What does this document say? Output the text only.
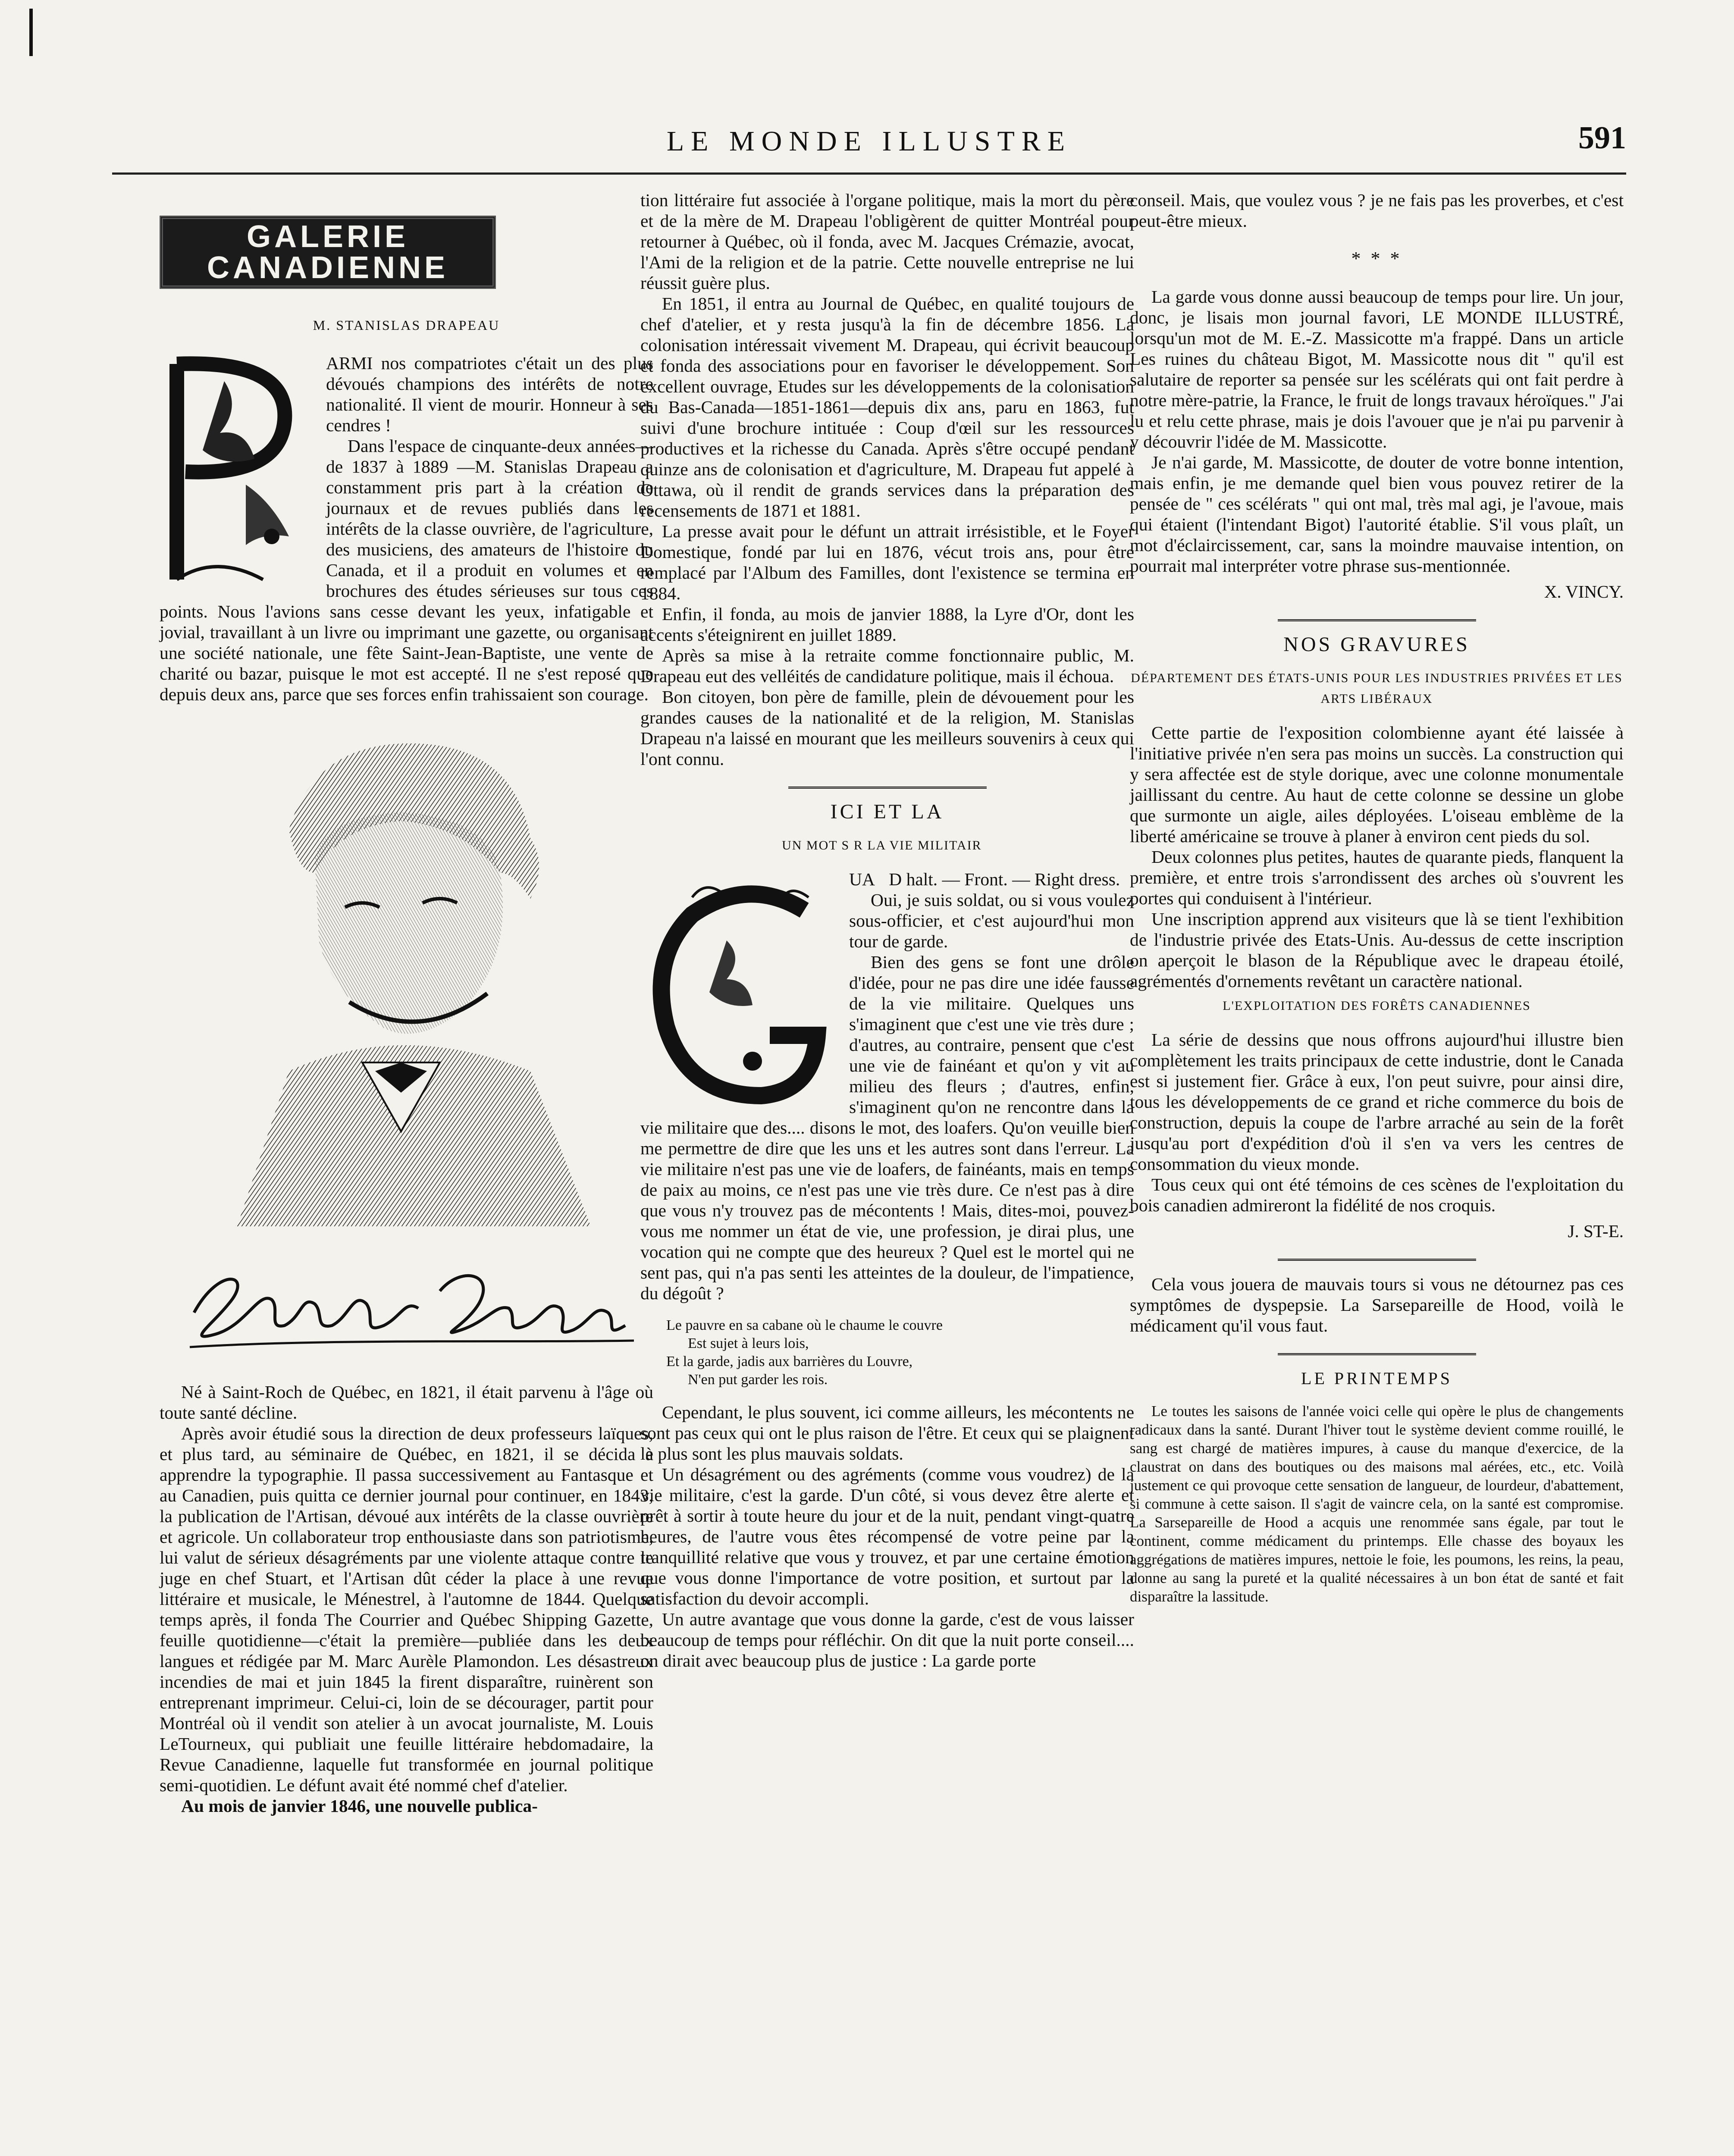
LE MONDE ILLUSTRE	591
GALERIE
CANADIENNE
M. STANISLAS DRAPEAU

ARMI nos compatriotes c'était un des plus dévoués champions des intérêts de notre nationalité. Il vient de mourir. Honneur à ses cendres !

Dans l'espace de cinquante-deux années—de 1837 à 1889 —M. Stanislas Drapeau a constamment pris part à la création de journaux et de revues publiés dans les intérêts de la classe ouvrière, de l'agriculture, des musiciens, des amateurs de l'histoire du Canada, et il a produit en volumes et en brochures des études sérieuses sur tous ces points. Nous l'avions sans cesse devant les yeux, infatigable et jovial, travaillant à un livre ou imprimant une gazette, ou organisant une société nationale, une fête Saint-Jean-Baptiste, une vente de charité ou bazar, puisque le mot est accepté. Il ne s'est reposé que depuis deux ans, parce que ses forces enfin trahissaient son courage.

Né à Saint-Roch de Québec, en 1821, il était parvenu à l'âge où toute santé décline.

Après avoir étudié sous la direction de deux professeurs laïques, et plus tard, au séminaire de Québec, en 1821, il se décida à apprendre la typographie. Il passa successivement au Fantasque et au Canadien, puis quitta ce dernier journal pour continuer, en 1843, la publication de l'Artisan, dévoué aux intérêts de la classe ouvrière et agricole. Un collaborateur trop enthousiaste dans son patriotisme, lui valut de sérieux désagréments par une violente attaque contre le juge en chef Stuart, et l'Artisan dût céder la place à une revue littéraire et musicale, le Ménestrel, à l'automne de 1844. Quelque temps après, il fonda The Courrier and Québec Shipping Gazette, feuille quotidienne—c'était la première—publiée dans les deux langues et rédigée par M. Marc Aurèle Plamondon. Les désastreux incendies de mai et juin 1845 la firent disparaître, ruinèrent son entreprenant imprimeur. Celui-ci, loin de se décourager, partit pour Montréal où il vendit son atelier à un avocat journaliste, M. Louis LeTourneux, qui publiait une feuille littéraire hebdomadaire, la Revue Canadienne, laquelle fut transformée en journal politique semi-quotidien. Le défunt avait été nommé chef d'atelier.

Au mois de janvier 1846, une nouvelle publica-

tion littéraire fut associée à l'organe politique, mais la mort du père et de la mère de M. Drapeau l'obligèrent de quitter Montréal pour retourner à Québec, où il fonda, avec M. Jacques Crémazie, avocat, l'Ami de la religion et de la patrie. Cette nouvelle entreprise ne lui réussit guère plus.

En 1851, il entra au Journal de Québec, en qualité toujours de chef d'atelier, et y resta jusqu'à la fin de décembre 1856. La colonisation intéressait vivement M. Drapeau, qui écrivit beaucoup et fonda des associations pour en favoriser le développement. Son excellent ouvrage, Etudes sur les développements de la colonisation du Bas-Canada—1851-1861—depuis dix ans, paru en 1863, fut suivi d'une brochure intituée : Coup d'œil sur les ressources productives et la richesse du Canada. Après s'être occupé pendant quinze ans de colonisation et d'agriculture, M. Drapeau fut appelé à Ottawa, où il rendit de grands services dans la préparation des recensements de 1871 et 1881.

La presse avait pour le défunt un attrait irrésistible, et le Foyer Domestique, fondé par lui en 1876, vécut trois ans, pour être remplacé par l'Album des Familles, dont l'existence se termina en 1884.

Enfin, il fonda, au mois de janvier 1888, la Lyre d'Or, dont les accents s'éteignirent en juillet 1889.

Après sa mise à la retraite comme fonctionnaire public, M. Drapeau eut des velléités de candidature politique, mais il échoua.

Bon citoyen, bon père de famille, plein de dévouement pour les grandes causes de la nationalité et de la religion, M. Stanislas Drapeau n'a laissé en mourant que les meilleurs souvenirs à ceux qui l'ont connu.

ICI ET LA
UN MOT S R LA VIE MILITAIR 

UA D halt. — Front. — Right dress.

Oui, je suis soldat, ou si vous voulez sous-officier, et c'est aujourd'hui mon tour de garde.

Bien des gens se font une drôle d'idée, pour ne pas dire une idée fausse de la vie militaire. Quelques uns s'imaginent que c'est une vie très dure ; d'autres, au contraire, pensent que c'est une vie de fainéant et qu'on y vit au milieu des fleurs ; d'autres, enfin, s'imaginent qu'on ne rencontre dans la vie militaire que des.... disons le mot, des loafers. Qu'on veuille bien me permettre de dire que les uns et les autres sont dans l'erreur. La vie militaire n'est pas une vie de loafers, de fainéants, mais en temps de paix au moins, ce n'est pas une vie très dure. Ce n'est pas à dire que vous n'y trouvez pas de mécontents ! Mais, dites-moi, pouvez-vous me nommer un état de vie, une profession, je dirai plus, une vocation qui ne compte que des heureux ? Quel est le mortel qui ne sent pas, qui n'a pas senti les atteintes de la douleur, de l'impatience, du dégoût ?

Le pauvre en sa cabane où le chaume le couvre
Est sujet à leurs lois,
Et la garde, jadis aux barrières du Louvre,
N'en put garder les rois.

Cependant, le plus souvent, ici comme ailleurs, les mécontents ne sont pas ceux qui ont le plus raison de l'être. Et ceux qui se plaignent le plus sont les plus mauvais soldats.

Un désagrément ou des agréments (comme vous voudrez) de la vie militaire, c'est la garde. D'un côté, si vous devez être alerte et prêt à sortir à toute heure du jour et de la nuit, pendant vingt-quatre heures, de l'autre vous êtes récompensé de votre peine par la tranquillité relative que vous y trouvez, et par une certaine émotion que vous donne l'importance de votre position, et surtout par la satisfaction du devoir accompli.

Un autre avantage que vous donne la garde, c'est de vous laisser beaucoup de temps pour réfléchir. On dit que la nuit porte conseil.... on dirait avec beaucoup plus de justice : La garde porte

conseil. Mais, que voulez vous ? je ne fais pas les proverbes, et c'est peut-être mieux.

* * *

La garde vous donne aussi beaucoup de temps pour lire. Un jour, donc, je lisais mon journal favori, LE MONDE ILLUSTRÉ, lorsqu'un mot de M. E.-Z. Massicotte m'a frappé. Dans un article Les ruines du château Bigot, M. Massicotte nous dit " qu'il est salutaire de reporter sa pensée sur les scélérats qui ont fait perdre à notre mère-patrie, la France, le fruit de longs travaux héroïques." J'ai lu et relu cette phrase, mais je dois l'avouer que je n'ai pu parvenir à y découvrir l'idée de M. Massicotte.

Je n'ai garde, M. Massicotte, de douter de votre bonne intention, mais enfin, je me demande quel bien vous pouvez retirer de la pensée de " ces scélérats " qui ont mal, très mal agi, je l'avoue, mais qui étaient (l'intendant Bigot) l'autorité établie. S'il vous plaît, un mot d'éclaircissement, car, sans la moindre mauvaise intention, on pourrait mal interpréter votre phrase sus-mentionnée.

X. VINCY.
NOS GRAVURES
DÉPARTEMENT DES ÉTATS-UNIS POUR LES INDUSTRIES PRIVÉES ET LES ARTS LIBÉRAUX

Cette partie de l'exposition colombienne ayant été laissée à l'initiative privée n'en sera pas moins un succès. La construction qui y sera affectée est de style dorique, avec une colonne monumentale jaillissant du centre. Au haut de cette colonne se dessine un globe que surmonte un aigle, ailes déployées. L'oiseau emblème de la liberté américaine se trouve à planer à environ cent pieds du sol.

Deux colonnes plus petites, hautes de quarante pieds, flanquent la première, et entre trois s'arrondissent des arches où s'ouvrent les portes qui conduisent à l'intérieur.

Une inscription apprend aux visiteurs que là se tient l'exhibition de l'industrie privée des Etats-Unis. Au-dessus de cette inscription on aperçoit le blason de la République avec le drapeau étoilé, agrémentés d'ornements revêtant un caractère national.

L'EXPLOITATION DES FORÊTS CANADIENNES

La série de dessins que nous offrons aujourd'hui illustre bien complètement les traits principaux de cette industrie, dont le Canada est si justement fier. Grâce à eux, l'on peut suivre, pour ainsi dire, tous les développements de ce grand et riche commerce du bois de construction, depuis la coupe de l'arbre arraché au sein de la forêt jusqu'au port d'expédition d'où il s'en va vers les centres de consommation du vieux monde.

Tous ceux qui ont été témoins de ces scènes de l'exploitation du bois canadien admireront la fidélité de nos croquis.

J. ST-E.

Cela vous jouera de mauvais tours si vous ne détournez pas ces symptômes de dyspepsie. La Sarsepareille de Hood, voilà le médicament qu'il vous faut.

LE PRINTEMPS

Le toutes les saisons de l'année voici celle qui opère le plus de changements radicaux dans la santé. Durant l'hiver tout le système devient comme rouillé, le sang est chargé de matières impures, à cause du manque d'exercice, de la claustrat on dans des boutiques ou des maisons mal aérées, etc., etc. Voilà justement ce qui provoque cette sensation de langueur, de lourdeur, d'abattement, si commune à cette saison. Il s'agit de vaincre cela, on la santé est compromise. La Sarsepareille de Hood a acquis une renommée sans égale, par tout le continent, comme médicament du printemps. Elle chasse des boyaux les aggrégations de matières impures, nettoie le foie, les poumons, les reins, la peau, donne au sang la pureté et la qualité nécessaires à un bon état de santé et fait disparaître la lassitude.
